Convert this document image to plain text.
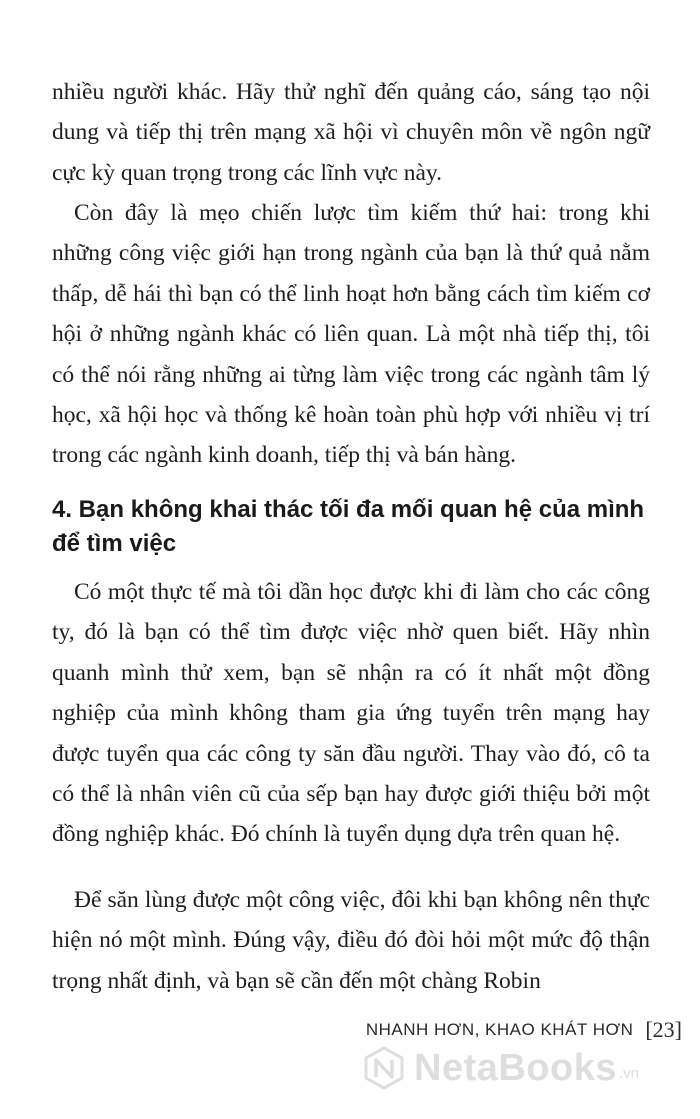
nhiều người khác. Hãy thử nghĩ đến quảng cáo, sáng tạo nội dung và tiếp thị trên mạng xã hội vì chuyên môn về ngôn ngữ cực kỳ quan trọng trong các lĩnh vực này.

Còn đây là mẹo chiến lược tìm kiếm thứ hai: trong khi những công việc giới hạn trong ngành của bạn là thứ quả nằm thấp, dễ hái thì bạn có thể linh hoạt hơn bằng cách tìm kiếm cơ hội ở những ngành khác có liên quan. Là một nhà tiếp thị, tôi có thể nói rằng những ai từng làm việc trong các ngành tâm lý học, xã hội học và thống kê hoàn toàn phù hợp với nhiều vị trí trong các ngành kinh doanh, tiếp thị và bán hàng.

4. Bạn không khai thác tối đa mối quan hệ của mình để tìm việc

Có một thực tế mà tôi dần học được khi đi làm cho các công ty, đó là bạn có thể tìm được việc nhờ quen biết. Hãy nhìn quanh mình thử xem, bạn sẽ nhận ra có ít nhất một đồng nghiệp của mình không tham gia ứng tuyển trên mạng hay được tuyển qua các công ty săn đầu người. Thay vào đó, cô ta có thể là nhân viên cũ của sếp bạn hay được giới thiệu bởi một đồng nghiệp khác. Đó chính là tuyển dụng dựa trên quan hệ.

Để săn lùng được một công việc, đôi khi bạn không nên thực hiện nó một mình. Đúng vậy, điều đó đòi hỏi một mức độ thận trọng nhất định, và bạn sẽ cần đến một chàng Robin

NHANH HƠN, KHAO KHÁT HƠN [23]
NetaBooks .vn
